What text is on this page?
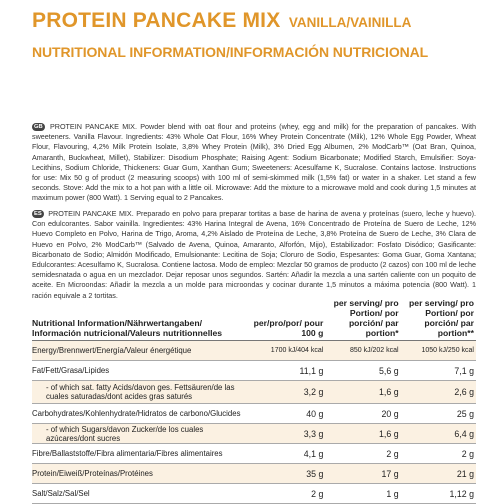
PROTEIN PANCAKE MIX VANILLA/VAINILLA
NUTRITIONAL INFORMATION/INFORMACIÓN NUTRICIONAL
GB PROTEIN PANCAKE MIX. Powder blend with oat flour and proteins (whey, egg and milk) for the preparation of pancakes. With sweeteners. Vanilla Flavour. Ingredients: 43% Whole Oat Flour, 16% Whey Protein Concentrate (Milk), 12% Whole Egg Powder, Wheat Flour, Flavouring, 4,2% Milk Protein Isolate, 3,8% Whey Protein (Milk), 3% Dried Egg Albumen, 2% ModCarb™ (Oat Bran, Quinoa, Amaranth, Buckwheat, Millet), Stabilizer: Disodium Phosphate; Raising Agent: Sodium Bicarbonate; Modified Starch, Emulsifier: Soya-Lecithins, Sodium Chloride, Thickeners: Guar Gum, Xanthan Gum; Sweeteners: Acesulfame K, Sucralose. Contains lactose. Instructions for use: Mix 50 g of product (2 measuring scoops) with 100 ml of semi-skimmed milk (1,5% fat) or water in a shaker. Let stand a few seconds. Stove: Add the mix to a hot pan with a little oil. Microwave: Add the mixture to a microwave mold and cook during 1,5 minutes at maximum power (800 Watt). 1 Serving equal to 2 Pancakes.
ES PROTEIN PANCAKE MIX. Preparado en polvo para preparar tortitas a base de harina de avena y proteínas (suero, leche y huevo). Con edulcorantes. Sabor vainilla. Ingredientes: 43% Harina Integral de Avena, 16% Concentrado de Proteína de Suero de Leche, 12% Huevo Completo en Polvo, Harina de Trigo, Aroma, 4,2% Aislado de Proteína de Leche, 3,8% Proteína de Suero de Leche, 3% Clara de Huevo en Polvo, 2% ModCarb™ (Salvado de Avena, Quinoa, Amaranto, Alforfón, Mijo), Estabilizador: Fosfato Disódico; Gasificante: Bicarbonato de Sodio; Almidón Modificado, Emulsionante: Lecitina de Soja; Cloruro de Sodio, Espesantes: Goma Guar, Goma Xantana; Edulcorantes: Acesulfamo K, Sucralosa. Contiene lactosa. Modo de empleo: Mezclar 50 gramos de producto (2 cazos) con 100 ml de leche semidesnatada o agua en un mezclador. Dejar reposar unos segundos. Sartén: Añadir la mezcla a una sartén caliente con un poquito de aceite. En Microondas: Añadir la mezcla a un molde para microondas y cocinar durante 1,5 minutos a máxima potencia (800 Watt). 1 ración equivale a 2 tortitas.
Nutritional Information/Nährwertangaben/
Información nutricional/Valeurs nutritionnelles	per/pro/por/ pour 100 g	per serving/ pro Portion/ por porción/ par portion*	per serving/ pro Portion/ por porción/ par portion**
Energy/Brennwert/Energía/Valeur énergétique	1700 kJ/404 kcal	850 kJ/202 kcal	1050 kJ/250 kcal
Fat/Fett/Grasa/Lipides	11,1 g	5,6 g	7,1 g
- of which sat. fatty Acids/davon ges. Fettsäuren/de las cuales saturadas/dont acides gras saturés	3,2 g	1,6 g	2,6 g
Carbohydrates/Kohlenhydrate/Hidratos de carbono/Glucides	40 g	20 g	25 g
- of which Sugars/davon Zucker/de los cuales azúcares/dont sucres	3,3 g	1,6 g	6,4 g
Fibre/Ballaststoffe/Fibra alimentaria/Fibres alimentaires	4,1 g	2 g	2 g
Protein/Eiweiß/Proteínas/Protéines	35 g	17 g	21 g
Salt/Salz/Sal/Sel	2 g	1 g	1,12 g
